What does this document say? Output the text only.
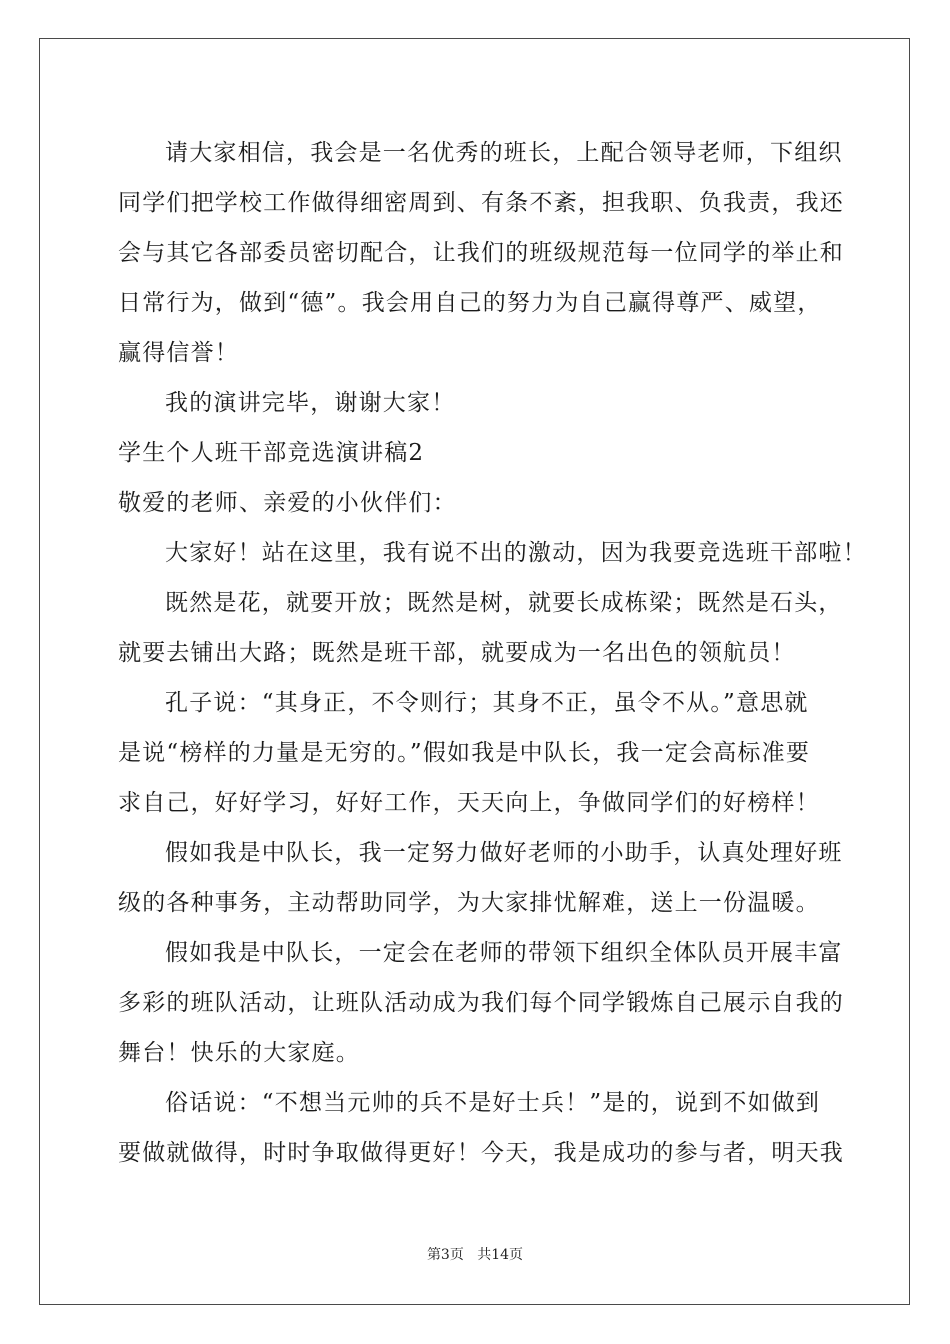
请大家相信，我会是一名优秀的班长，上配合领导老师，下组织

同学们把学校工作做得细密周到、有条不紊，担我职、负我责，我还

会与其它各部委员密切配合，让我们的班级规范每一位同学的举止和

日常行为，做到“德”。我会用自己的努力为自己赢得尊严、威望，

赢得信誉！

我的演讲完毕，谢谢大家！

学生个人班干部竞选演讲稿2

敬爱的老师、亲爱的小伙伴们：

大家好！站在这里，我有说不出的激动，因为我要竞选班干部啦！

既然是花，就要开放；既然是树，就要长成栋梁；既然是石头，

就要去铺出大路；既然是班干部，就要成为一名出色的领航员！

孔子说：“其身正，不令则行；其身不正，虽令不从。”意思就

是说“榜样的力量是无穷的。”假如我是中队长，我一定会高标准要

求自己，好好学习，好好工作，天天向上，争做同学们的好榜样！

假如我是中队长，我一定努力做好老师的小助手，认真处理好班

级的各种事务，主动帮助同学，为大家排忧解难，送上一份温暖。

假如我是中队长，一定会在老师的带领下组织全体队员开展丰富

多彩的班队活动，让班队活动成为我们每个同学锻炼自己展示自我的

舞台！快乐的大家庭。

俗话说：“不想当元帅的兵不是好士兵！”是的，说到不如做到

要做就做得，时时争取做得更好！今天，我是成功的参与者，明天我

第3页 共14页
